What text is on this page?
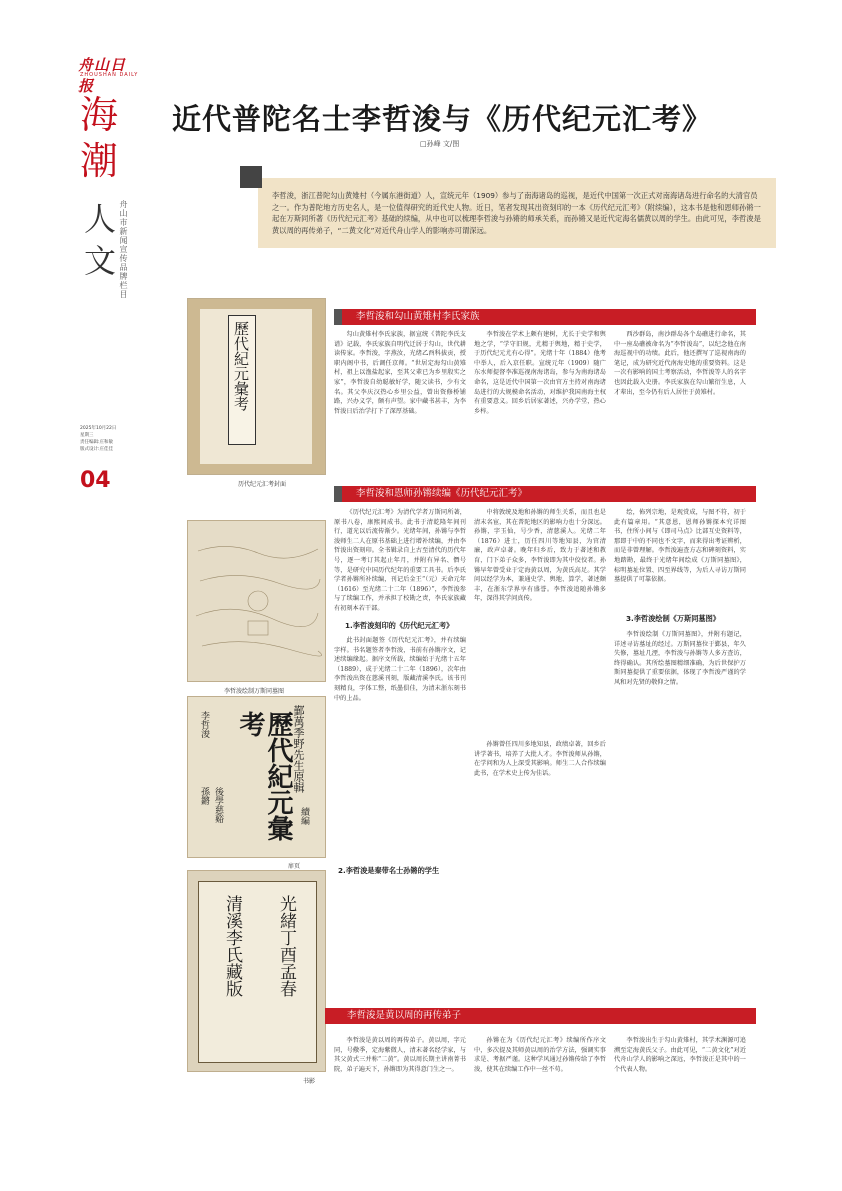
舟山日报
ZHOUSHAN DAILY
海
潮
人
文 舟山市新闻宣传品牌栏目
2025年10月22日
星期三
责任编辑:庄和敏
版式设计:庄佳佳
04
近代普陀名士李哲浚与《历代纪元汇考》
□孙峰 文/图
李哲浚，浙江普陀勾山黄雉村（今属东港街道）人，宣统元年（1909）参与了南海诸岛的巡视，是近代中国第一次正式对南海诸岛进行命名的大清官员之一。作为普陀地方历史名人，是一位值得研究的近代史人物。近日，笔者发现其出资刻印的一本《历代纪元汇考》（附续编），这本书是他和恩师孙锵一起在万斯同所著《历代纪元汇考》基础的续编，从中也可以梳理李哲浚与孙锵的师承关系，而孙锵又是近代定海名儒黄以周的学生。由此可见，李哲浚是黄以周的再传弟子，“二黄文化”对近代舟山学人的影响亦可谓深远。
李哲浚和勾山黄雉村李氏家族
歷代紀元彙考
历代纪元汇考封面

勾山黄雉村李氏家族，据宣统《普陀李氏支谱》记载，李氏家族自明代迁居于勾山，世代耕读传家。李哲浚，字燕汝，光绪乙酉科拔贡，授职内阁中书，后调任京师。“世居定海勾山黄雉村，祖上以渔盐起家，至其父辈已为乡里殷实之家”，李哲浚自幼聪敏好学，随父读书，少有文名。其父李庆汉热心乡里公益，曾出资修桥铺路，兴办义学，颇有声望。家中藏书甚丰，为李哲浚日后治学打下了深厚基础。

李哲浚在学术上颇有建树，尤长于史学和舆地之学，“学守旧规，尤精于舆地，精于史学，于历代纪元尤有心得”。光绪十年（1884）他考中举人，后入京任职。宣统元年（1909）随广东水师提督李准巡视南海诸岛，参与为南海诸岛命名，这是近代中国第一次由官方主持对南海诸岛进行的大规模命名活动，对维护我国南海主权有重要意义。回乡后居家著述，兴办学堂，热心乡梓。

西沙群岛，南沙群岛各个岛礁进行命名，其中一座岛礁被命名为“李哲浚岛”，以纪念他在南海巡视中的功绩。此后，他还撰写了巡视南海的笔记，成为研究近代南海史地的重要资料。这是一次有影响的国土考察活动，李哲浚等人的名字也因此载入史册。李氏家族在勾山繁衍生息，人才辈出，至今仍有后人居住于黄雉村。

李哲浚和恩师孙锵续编《历代纪元汇考》
李哲浚绘制万斯同墓图
鄞萬季野先生原輯
續編
歷代紀元彙考
後學慈谿
李哲浚
孫鏘
扉页

《历代纪元汇考》为清代学者万斯同所著，原书八卷，康熙间成书。此书于清乾隆年间刊行，道光以后流传渐少。光绪年间，孙锵与李哲浚师生二人在原书基础上进行增补续编，并由李哲浚出资刻印。全书辑录自上古至清代的历代年号，逐一考订其起止年月，并附有异名、僭号等，是研究中国历代纪年的重要工具书。后李氏学者孙锵所补续编，刊记后金王“（元）天命元年（1616）至光绪二十二年（1896）”，李哲浚参与了续编工作，并承担了校勘之责，李氏家族藏有初刻本若干部。

1.李哲浚刻印的《历代纪元汇考》

此书封面题签《历代纪元汇考》，并有续编字样。书名题签者李哲浚，书前有孙锵序文，记述续编缘起。据序文所载，续编始于光绪十五年（1889），成于光绪二十二年（1896），次年由李哲浚出资在慈溪刊刻，版藏清溪李氏。该书刊刻精良，字体工整，纸墨俱佳，为清末浙东刻书中的上品。

2.李哲浚是秦带名士孙锵的学生

中将敦统及地和孙锵的师生关系，而且也是清末名宦，其在普陀地区的影响力也十分深远。孙锵，字玉仙，号少香，清慈溪人。光绪二年（1876）进士，历任四川等地知县，为官清廉，政声卓著。晚年归乡后，致力于著述和教育，门下弟子众多，李哲浚即为其中佼佼者。孙锵早年曾受业于定海黄以周，为黄氏高足。其学问以经学为本，兼通史学、舆地、算学，著述颇丰，在浙东学界享有盛誉。李哲浚追随孙锵多年，深得其学问真传。

孙锵曾任四川多地知县，政绩卓著，回乡后讲学著书，培养了大批人才。李哲浚师从孙锵，在学问和为人上深受其影响。师生二人合作续编此书，在学术史上传为佳话。

绘，佈列宗地，是观赏成，与图不符，初于此有篇章用。“其意恩，恩师孙锵探本究详图书，住所小间与《即司马点》比部互史资料等，那即于中的不同也不文字，而来得出考证辨析，而是非曾理解。李哲浚遍查方志和碑刻资料，实地踏勘，最终于光绪年间绘成《万斯同墓图》，标明墓址位置、四至界线等，为后人寻访万斯同墓提供了可靠依据。

3.李哲浚绘制《万斯同墓图》

李哲浚绘制《万斯同墓图》，并附有题记，详述寻访墓址的经过。万斯同墓位于鄞县，年久失修，墓址几湮，李哲浚与孙锵等人多方查访，终得确认。其所绘墓图精细准确，为后世保护万斯同墓提供了重要依据，体现了李哲浚严谨的学风和对先贤的敬仰之情。

光緒丁酉孟春
清溪李氏藏版
书影
李哲浚是黄以周的再传弟子

李哲浚是黄以周的再传弟子。黄以周，字元同，号儆季，定海紫微人，清末著名经学家，与其父黄式三并称“二黄”。黄以周长期主讲南菁书院，弟子遍天下，孙锵即为其得意门生之一。

孙锵在为《历代纪元汇考》续编所作序文中，多次提及其师黄以周的治学方法，强调实事求是、考据严谨。这种学风通过孙锵传给了李哲浚，使其在续编工作中一丝不苟。

李哲浚出生于勾山黄雉村，其学术渊源可追溯至定海黄氏父子。由此可见，“二黄文化”对近代舟山学人的影响之深远，李哲浚正是其中的一个代表人物。
